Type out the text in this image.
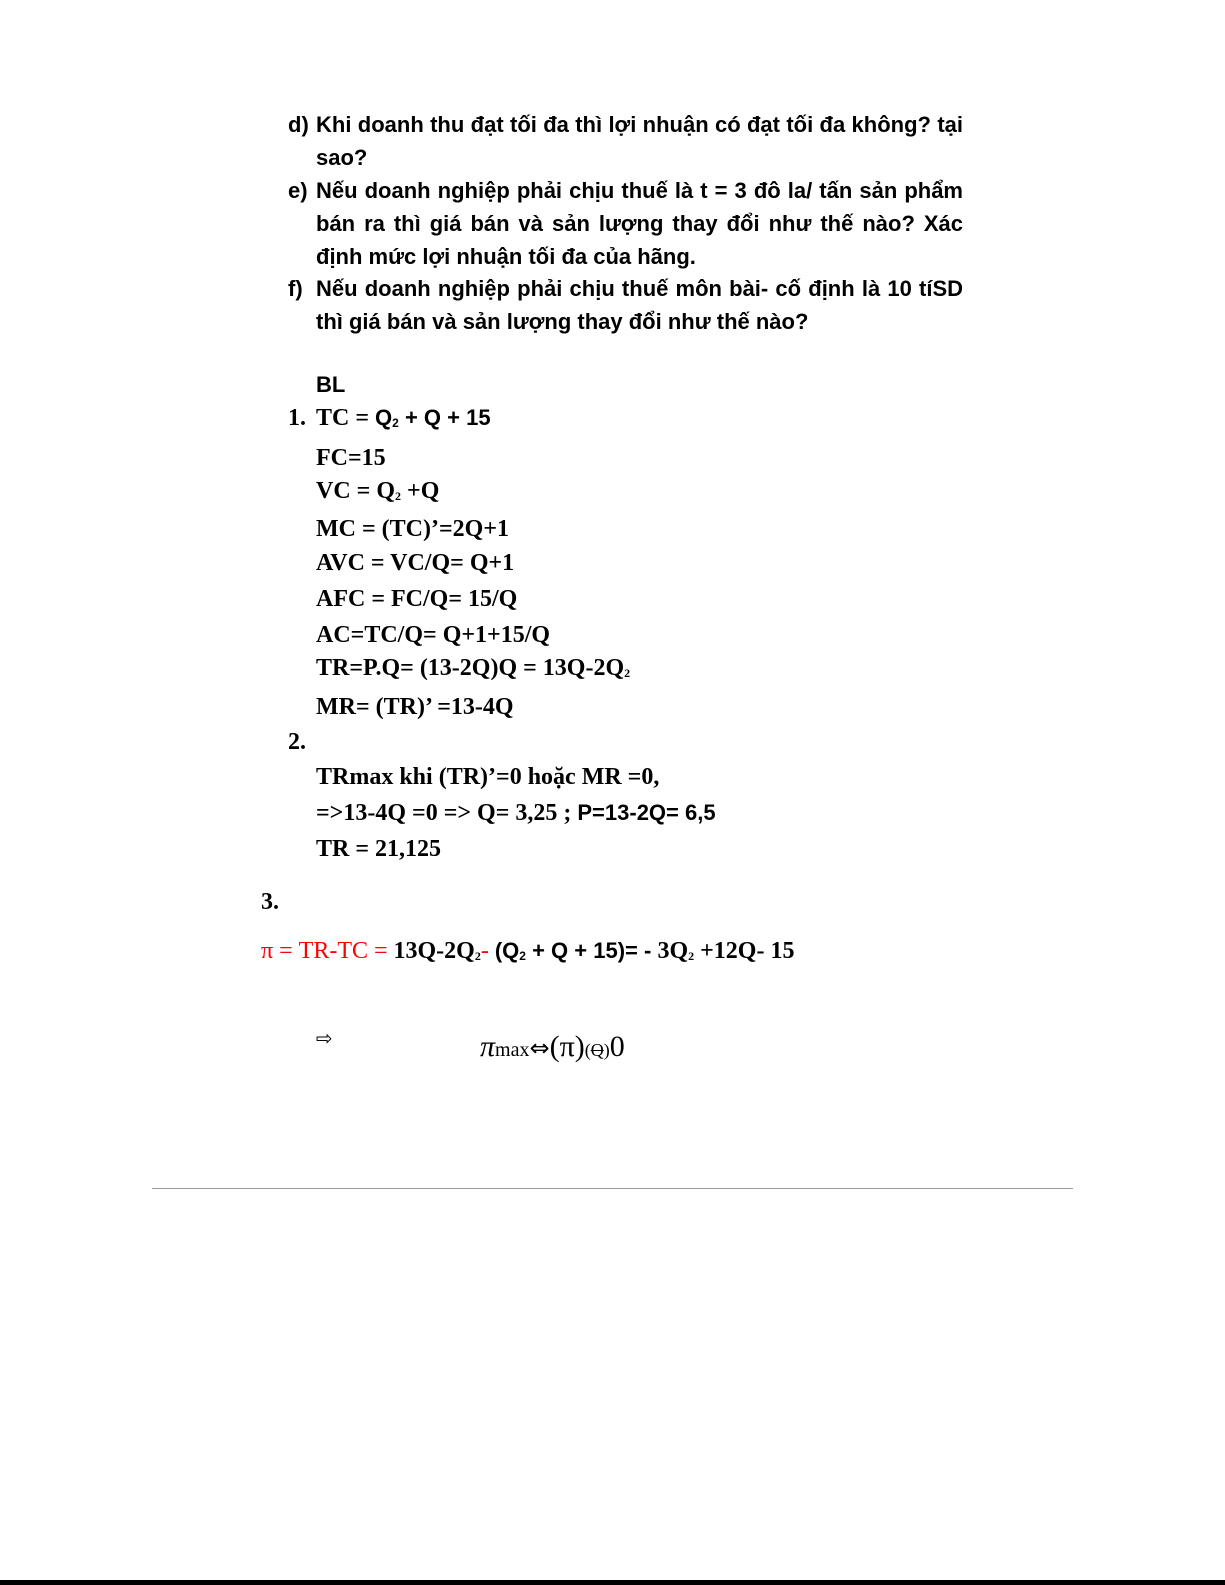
d) Khi doanh thu đạt tối đa thì lợi nhuận có đạt tối đa không? tại sao?
e) Nếu doanh nghiệp phải chịu thuế là t = 3 đô la/ tấn sản phẩm bán ra thì giá bán và sản lượng thay đổi như thế nào? Xác định mức lợi nhuận tối đa của hãng.
f) Nếu doanh nghiệp phải chịu thuế môn bài- cố định là 10 tíSD thì giá bán và sản lượng thay đổi như thế nào?
BL
1. TC = Q2 + Q + 15
FC=15
VC = Q2 +Q
MC = (TC)’=2Q+1
AVC = VC/Q= Q+1
AFC = FC/Q= 15/Q
AC=TC/Q= Q+1+15/Q
TR=P.Q= (13-2Q)Q = 13Q-2Q2
MR= (TR)’ =13-4Q
2.
TRmax khi (TR)’=0 hoặc MR =0,
=>13-4Q =0 => Q= 3,25 ; P=13-2Q= 6,5
TR = 21,125
3.
π = TR-TC = 13Q-2Q2- (Q2 + Q + 15)= - 3Q2 +12Q- 15
⇨	πmax⇔(π)(Q)0
